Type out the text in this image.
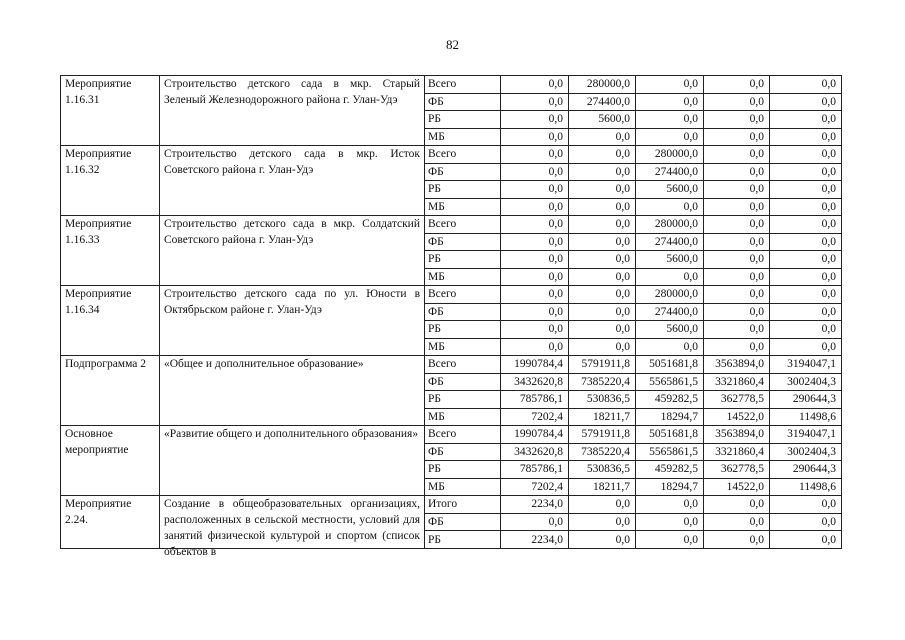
82
Мероприятие 1.16.31	Строительство детского сада в мкр. Старый Зеленый Железнодорожного района г. Улан-Удэ	Всего	0,0	280000,0	0,0	0,0	0,0
		ФБ	0,0	274400,0	0,0	0,0	0,0
		РБ	0,0	5600,0	0,0	0,0	0,0
		МБ	0,0	0,0	0,0	0,0	0,0
Мероприятие 1.16.32	Строительство детского сада в мкр. Исток Советского района г. Улан-Удэ	Всего	0,0	0,0	280000,0	0,0	0,0
		ФБ	0,0	0,0	274400,0	0,0	0,0
		РБ	0,0	0,0	5600,0	0,0	0,0
		МБ	0,0	0,0	0,0	0,0	0,0
Мероприятие 1.16.33	Строительство детского сада в мкр. Солдатский Советского района г. Улан-Удэ	Всего	0,0	0,0	280000,0	0,0	0,0
		ФБ	0,0	0,0	274400,0	0,0	0,0
		РБ	0,0	0,0	5600,0	0,0	0,0
		МБ	0,0	0,0	0,0	0,0	0,0
Мероприятие 1.16.34	Строительство детского сада по ул. Юности в Октябрьском районе г. Улан-Удэ	Всего	0,0	0,0	280000,0	0,0	0,0
		ФБ	0,0	0,0	274400,0	0,0	0,0
		РБ	0,0	0,0	5600,0	0,0	0,0
		МБ	0,0	0,0	0,0	0,0	0,0
Подпрограмма 2	«Общее и дополнительное образование»	Всего	1990784,4	5791911,8	5051681,8	3563894,0	3194047,1
		ФБ	3432620,8	7385220,4	5565861,5	3321860,4	3002404,3
		РБ	785786,1	530836,5	459282,5	362778,5	290644,3
		МБ	7202,4	18211,7	18294,7	14522,0	11498,6
Основное мероприятие	«Развитие общего и дополнительного образования»	Всего	1990784,4	5791911,8	5051681,8	3563894,0	3194047,1
		ФБ	3432620,8	7385220,4	5565861,5	3321860,4	3002404,3
		РБ	785786,1	530836,5	459282,5	362778,5	290644,3
		МБ	7202,4	18211,7	18294,7	14522,0	11498,6
Мероприятие 2.24.	Создание в общеобразовательных организациях, расположенных в сельской местности, условий для занятий физической культурой и спортом (список объектов в	Итого	2234,0	0,0	0,0	0,0	0,0
		ФБ	0,0	0,0	0,0	0,0	0,0
		РБ	2234,0	0,0	0,0	0,0	0,0
